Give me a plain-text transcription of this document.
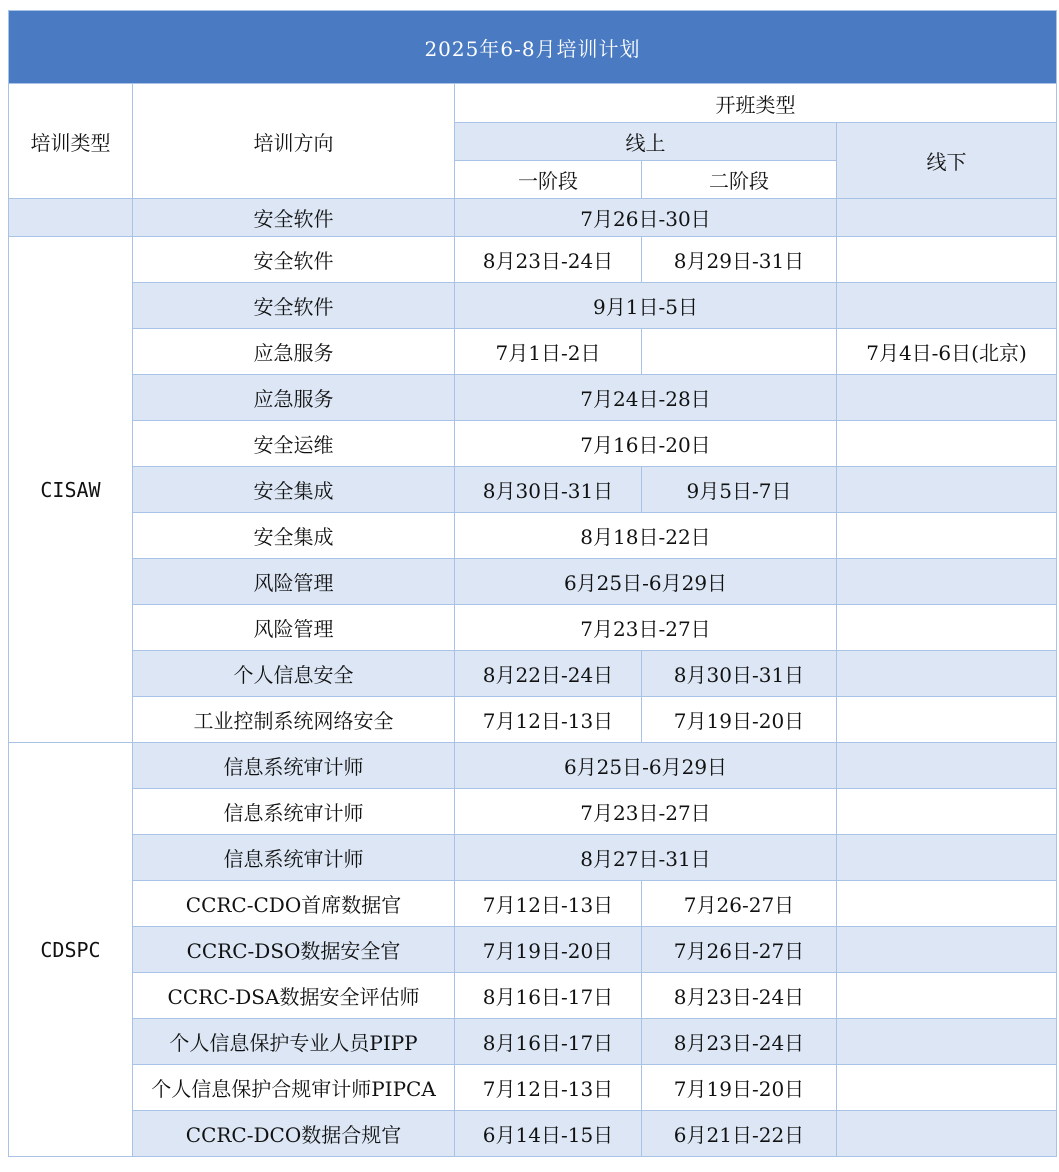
2025年6-8月培训计划				
培训类型	培训方向	开班类型		
		线上		线下
		一阶段	二阶段	
	安全软件	7月26日-30日		
CISAW	安全软件	8月23日-24日	8月29日-31日	
	安全软件	9月1日-5日		
	应急服务	7月1日-2日		7月4日-6日(北京)
	应急服务	7月24日-28日		
	安全运维	7月16日-20日		
	安全集成	8月30日-31日	9月5日-7日	
	安全集成	8月18日-22日		
	风险管理	6月25日-6月29日		
	风险管理	7月23日-27日		
	个人信息安全	8月22日-24日	8月30日-31日	
	工业控制系统网络安全	7月12日-13日	7月19日-20日	
CDSPC	信息系统审计师	6月25日-6月29日		
	信息系统审计师	7月23日-27日		
	信息系统审计师	8月27日-31日		
	CCRC-CDO首席数据官	7月12日-13日	7月26-27日	
	CCRC-DSO数据安全官	7月19日-20日	7月26日-27日	
	CCRC-DSA数据安全评估师	8月16日-17日	8月23日-24日	
	个人信息保护专业人员PIPP	8月16日-17日	8月23日-24日	
	个人信息保护合规审计师PIPCA	7月12日-13日	7月19日-20日	
	CCRC-DCO数据合规官	6月14日-15日	6月21日-22日	
